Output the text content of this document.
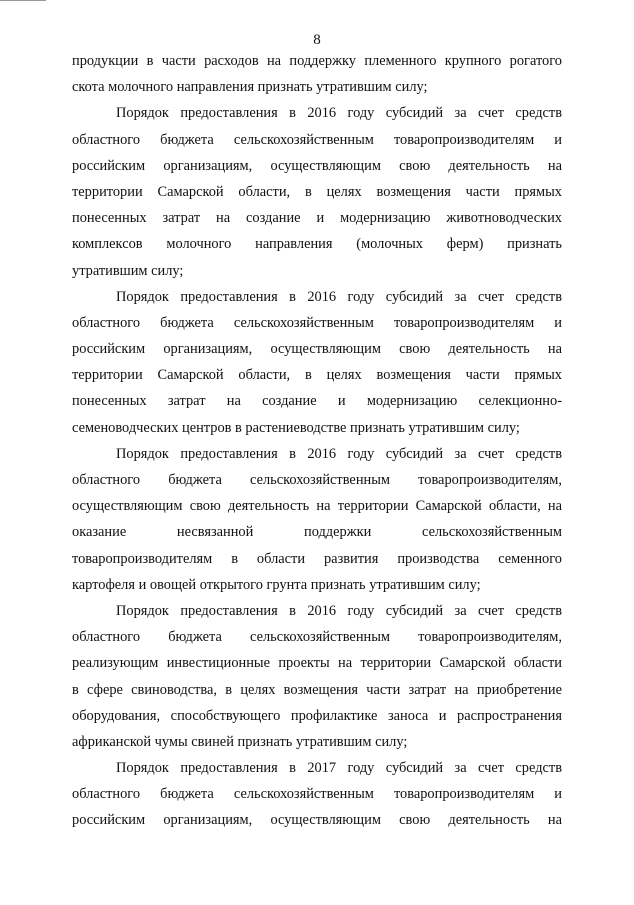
8
продукции в части расходов на поддержку племенного крупного рогатого
скота молочного направления признать утратившим силу;
Порядок предоставления в 2016 году субсидий за счет средств
областного бюджета сельскохозяйственным товаропроизводителям и
российским организациям, осуществляющим свою деятельность на
территории Самарской области, в целях возмещения части прямых
понесенных затрат на создание и модернизацию животноводческих
комплексов молочного направления (молочных ферм) признать
утратившим силу;
Порядок предоставления в 2016 году субсидий за счет средств
областного бюджета сельскохозяйственным товаропроизводителям и
российским организациям, осуществляющим свою деятельность на
территории Самарской области, в целях возмещения части прямых
понесенных затрат на создание и модернизацию селекционно-
семеноводческих центров в растениеводстве признать утратившим силу;
Порядок предоставления в 2016 году субсидий за счет средств
областного бюджета сельскохозяйственным товаропроизводителям,
осуществляющим свою деятельность на территории Самарской области, на
оказание несвязанной поддержки сельскохозяйственным
товаропроизводителям в области развития производства семенного
картофеля и овощей открытого грунта признать утратившим силу;
Порядок предоставления в 2016 году субсидий за счет средств
областного бюджета сельскохозяйственным товаропроизводителям,
реализующим инвестиционные проекты на территории Самарской области
в сфере свиноводства, в целях возмещения части затрат на приобретение
оборудования, способствующего профилактике заноса и распространения
африканской чумы свиней признать утратившим силу;
Порядок предоставления в 2017 году субсидий за счет средств
областного бюджета сельскохозяйственным товаропроизводителям и
российским организациям, осуществляющим свою деятельность на
